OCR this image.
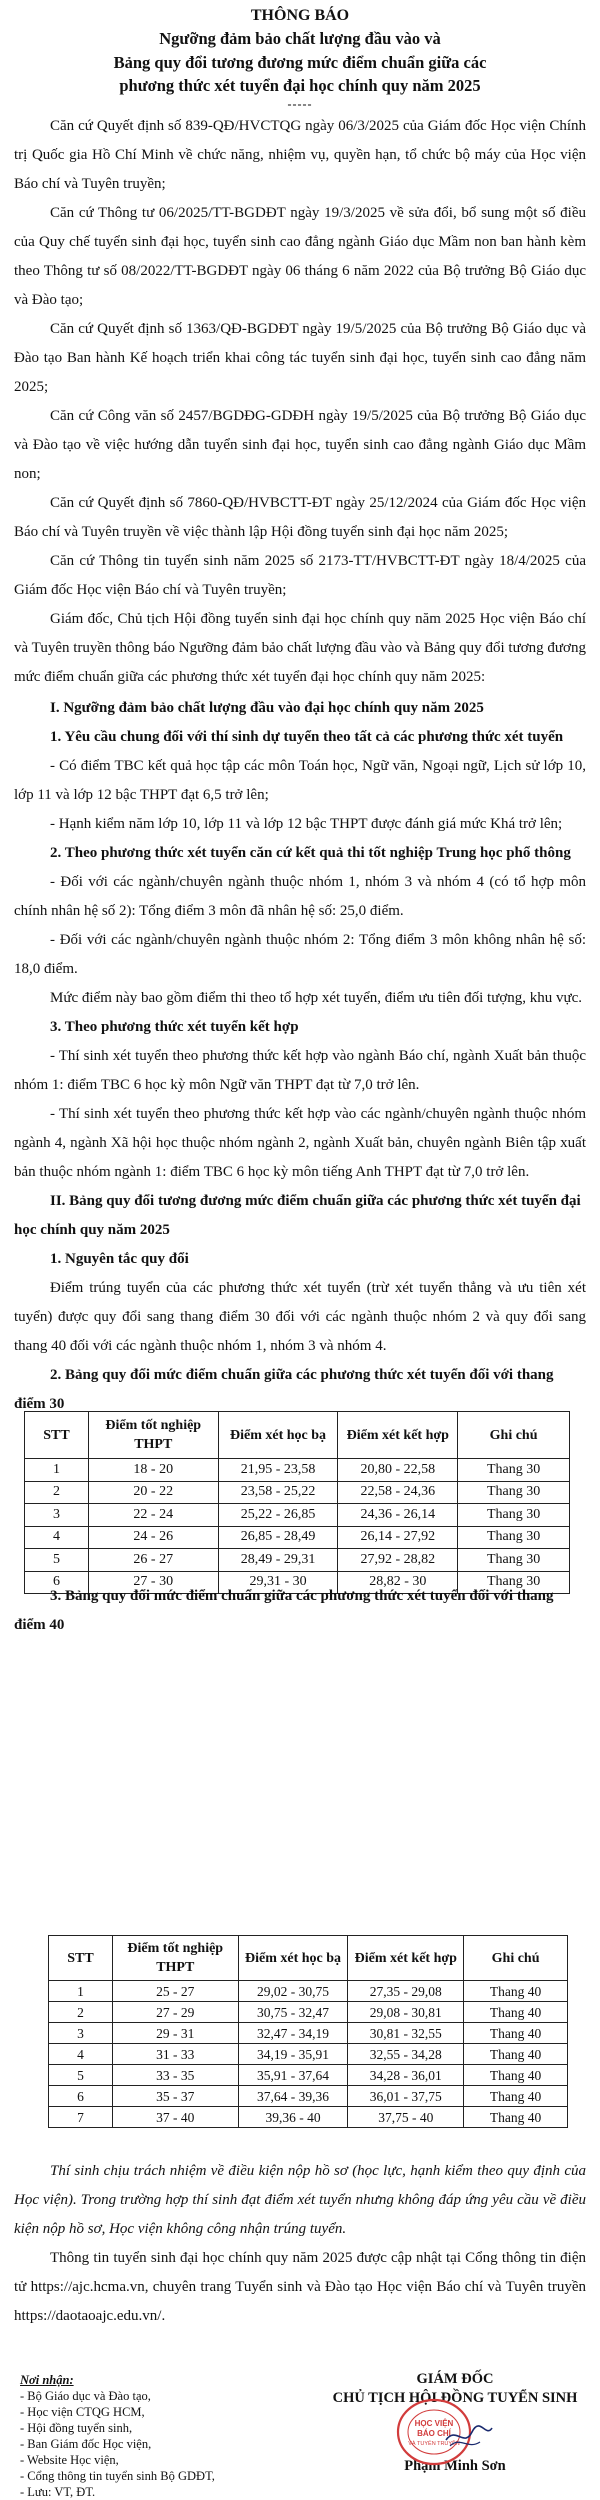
THÔNG BÁO
Ngưỡng đảm bảo chất lượng đầu vào và
Bảng quy đổi tương đương mức điểm chuẩn giữa các
phương thức xét tuyển đại học chính quy năm 2025
-----

Căn cứ Quyết định số 839-QĐ/HVCTQG ngày 06/3/2025 của Giám đốc Học viện Chính trị Quốc gia Hồ Chí Minh về chức năng, nhiệm vụ, quyền hạn, tổ chức bộ máy của Học viện Báo chí và Tuyên truyền;

Căn cứ Thông tư 06/2025/TT-BGDĐT ngày 19/3/2025 về sửa đổi, bổ sung một số điều của Quy chế tuyển sinh đại học, tuyển sinh cao đẳng ngành Giáo dục Mầm non ban hành kèm theo Thông tư số 08/2022/TT-BGDĐT ngày 06 tháng 6 năm 2022 của Bộ trưởng Bộ Giáo dục và Đào tạo;

Căn cứ Quyết định số 1363/QĐ-BGDĐT ngày 19/5/2025 của Bộ trưởng Bộ Giáo dục và Đào tạo Ban hành Kế hoạch triển khai công tác tuyển sinh đại học, tuyển sinh cao đẳng năm 2025;

Căn cứ Công văn số 2457/BGDĐG-GDĐH ngày 19/5/2025 của Bộ trưởng Bộ Giáo dục và Đào tạo về việc hướng dẫn tuyển sinh đại học, tuyển sinh cao đẳng ngành Giáo dục Mầm non;

Căn cứ Quyết định số 7860-QĐ/HVBCTT-ĐT ngày 25/12/2024 của Giám đốc Học viện Báo chí và Tuyên truyền về việc thành lập Hội đồng tuyển sinh đại học năm 2025;

Căn cứ Thông tin tuyển sinh năm 2025 số 2173-TT/HVBCTT-ĐT ngày 18/4/2025 của Giám đốc Học viện Báo chí và Tuyên truyền;

Giám đốc, Chủ tịch Hội đồng tuyển sinh đại học chính quy năm 2025 Học viện Báo chí và Tuyên truyền thông báo Ngưỡng đảm bảo chất lượng đầu vào và Bảng quy đổi tương đương mức điểm chuẩn giữa các phương thức xét tuyển đại học chính quy năm 2025:

I. Ngưỡng đảm bảo chất lượng đầu vào đại học chính quy năm 2025

1. Yêu cầu chung đối với thí sinh dự tuyển theo tất cả các phương thức xét tuyển

- Có điểm TBC kết quả học tập các môn Toán học, Ngữ văn, Ngoại ngữ, Lịch sử lớp 10, lớp 11 và lớp 12 bậc THPT đạt 6,5 trở lên;

- Hạnh kiểm năm lớp 10, lớp 11 và lớp 12 bậc THPT được đánh giá mức Khá trở lên;

2. Theo phương thức xét tuyển căn cứ kết quả thi tốt nghiệp Trung học phổ thông

- Đối với các ngành/chuyên ngành thuộc nhóm 1, nhóm 3 và nhóm 4 (có tổ hợp môn chính nhân hệ số 2): Tổng điểm 3 môn đã nhân hệ số: 25,0 điểm.

- Đối với các ngành/chuyên ngành thuộc nhóm 2: Tổng điểm 3 môn không nhân hệ số: 18,0 điểm.

Mức điểm này bao gồm điểm thi theo tổ hợp xét tuyển, điểm ưu tiên đối tượng, khu vực.

3. Theo phương thức xét tuyển kết hợp

- Thí sinh xét tuyển theo phương thức kết hợp vào ngành Báo chí, ngành Xuất bản thuộc nhóm 1: điểm TBC 6 học kỳ môn Ngữ văn THPT đạt từ 7,0 trở lên.

- Thí sinh xét tuyển theo phương thức kết hợp vào các ngành/chuyên ngành thuộc nhóm ngành 4, ngành Xã hội học thuộc nhóm ngành 2, ngành Xuất bản, chuyên ngành Biên tập xuất bản thuộc nhóm ngành 1: điểm TBC 6 học kỳ môn tiếng Anh THPT đạt từ 7,0 trở lên.

II. Bảng quy đổi tương đương mức điểm chuẩn giữa các phương thức xét tuyển đại học chính quy năm 2025

1. Nguyên tắc quy đổi

Điểm trúng tuyển của các phương thức xét tuyển (trừ xét tuyển thẳng và ưu tiên xét tuyển) được quy đổi sang thang điểm 30 đối với các ngành thuộc nhóm 2 và quy đổi sang thang 40 đối với các ngành thuộc nhóm 1, nhóm 3 và nhóm 4.

2. Bảng quy đổi mức điểm chuẩn giữa các phương thức xét tuyển đối với thang điểm 30

STT	Điểm tốt nghiệp THPT	Điểm xét học bạ	Điểm xét kết hợp	Ghi chú
1	18 - 20	21,95 - 23,58	20,80 - 22,58	Thang 30
2	20 - 22	23,58 - 25,22	22,58 - 24,36	Thang 30
3	22 - 24	25,22 - 26,85	24,36 - 26,14	Thang 30
4	24 - 26	26,85 - 28,49	26,14 - 27,92	Thang 30
5	26 - 27	28,49 - 29,31	27,92 - 28,82	Thang 30
6	27 - 30	29,31 - 30	28,82 - 30	Thang 30

3. Bảng quy đổi mức điểm chuẩn giữa các phương thức xét tuyển đối với thang điểm 40

STT	Điểm tốt nghiệp THPT	Điểm xét học bạ	Điểm xét kết hợp	Ghi chú
1	25 - 27	29,02 - 30,75	27,35 - 29,08	Thang 40
2	27 - 29	30,75 - 32,47	29,08 - 30,81	Thang 40
3	29 - 31	32,47 - 34,19	30,81 - 32,55	Thang 40
4	31 - 33	34,19 - 35,91	32,55 - 34,28	Thang 40
5	33 - 35	35,91 - 37,64	34,28 - 36,01	Thang 40
6	35 - 37	37,64 - 39,36	36,01 - 37,75	Thang 40
7	37 - 40	39,36 - 40	37,75 - 40	Thang 40

Thí sinh chịu trách nhiệm về điều kiện nộp hồ sơ (học lực, hạnh kiểm theo quy định của Học viện). Trong trường hợp thí sinh đạt điểm xét tuyển nhưng không đáp ứng yêu cầu về điều kiện nộp hồ sơ, Học viện không công nhận trúng tuyển.

Thông tin tuyển sinh đại học chính quy năm 2025 được cập nhật tại Cổng thông tin điện tử https://ajc.hcma.vn, chuyên trang Tuyển sinh và Đào tạo Học viện Báo chí và Tuyên truyền https://daotaoajc.edu.vn/.

Nơi nhận:
- Bộ Giáo dục và Đào tạo,
- Học viện CTQG HCM,
- Hội đồng tuyển sinh,
- Ban Giám đốc Học viện,
- Website Học viện,
- Cổng thông tin tuyển sinh Bộ GDĐT,
- Lưu: VT, ĐT.
GIÁM ĐỐC
CHỦ TỊCH HỘI ĐỒNG TUYỂN SINH
Phạm Minh Sơn
HỌC VIỆN
BÁO CHÍ
VÀ TUYÊN TRUYỀN
